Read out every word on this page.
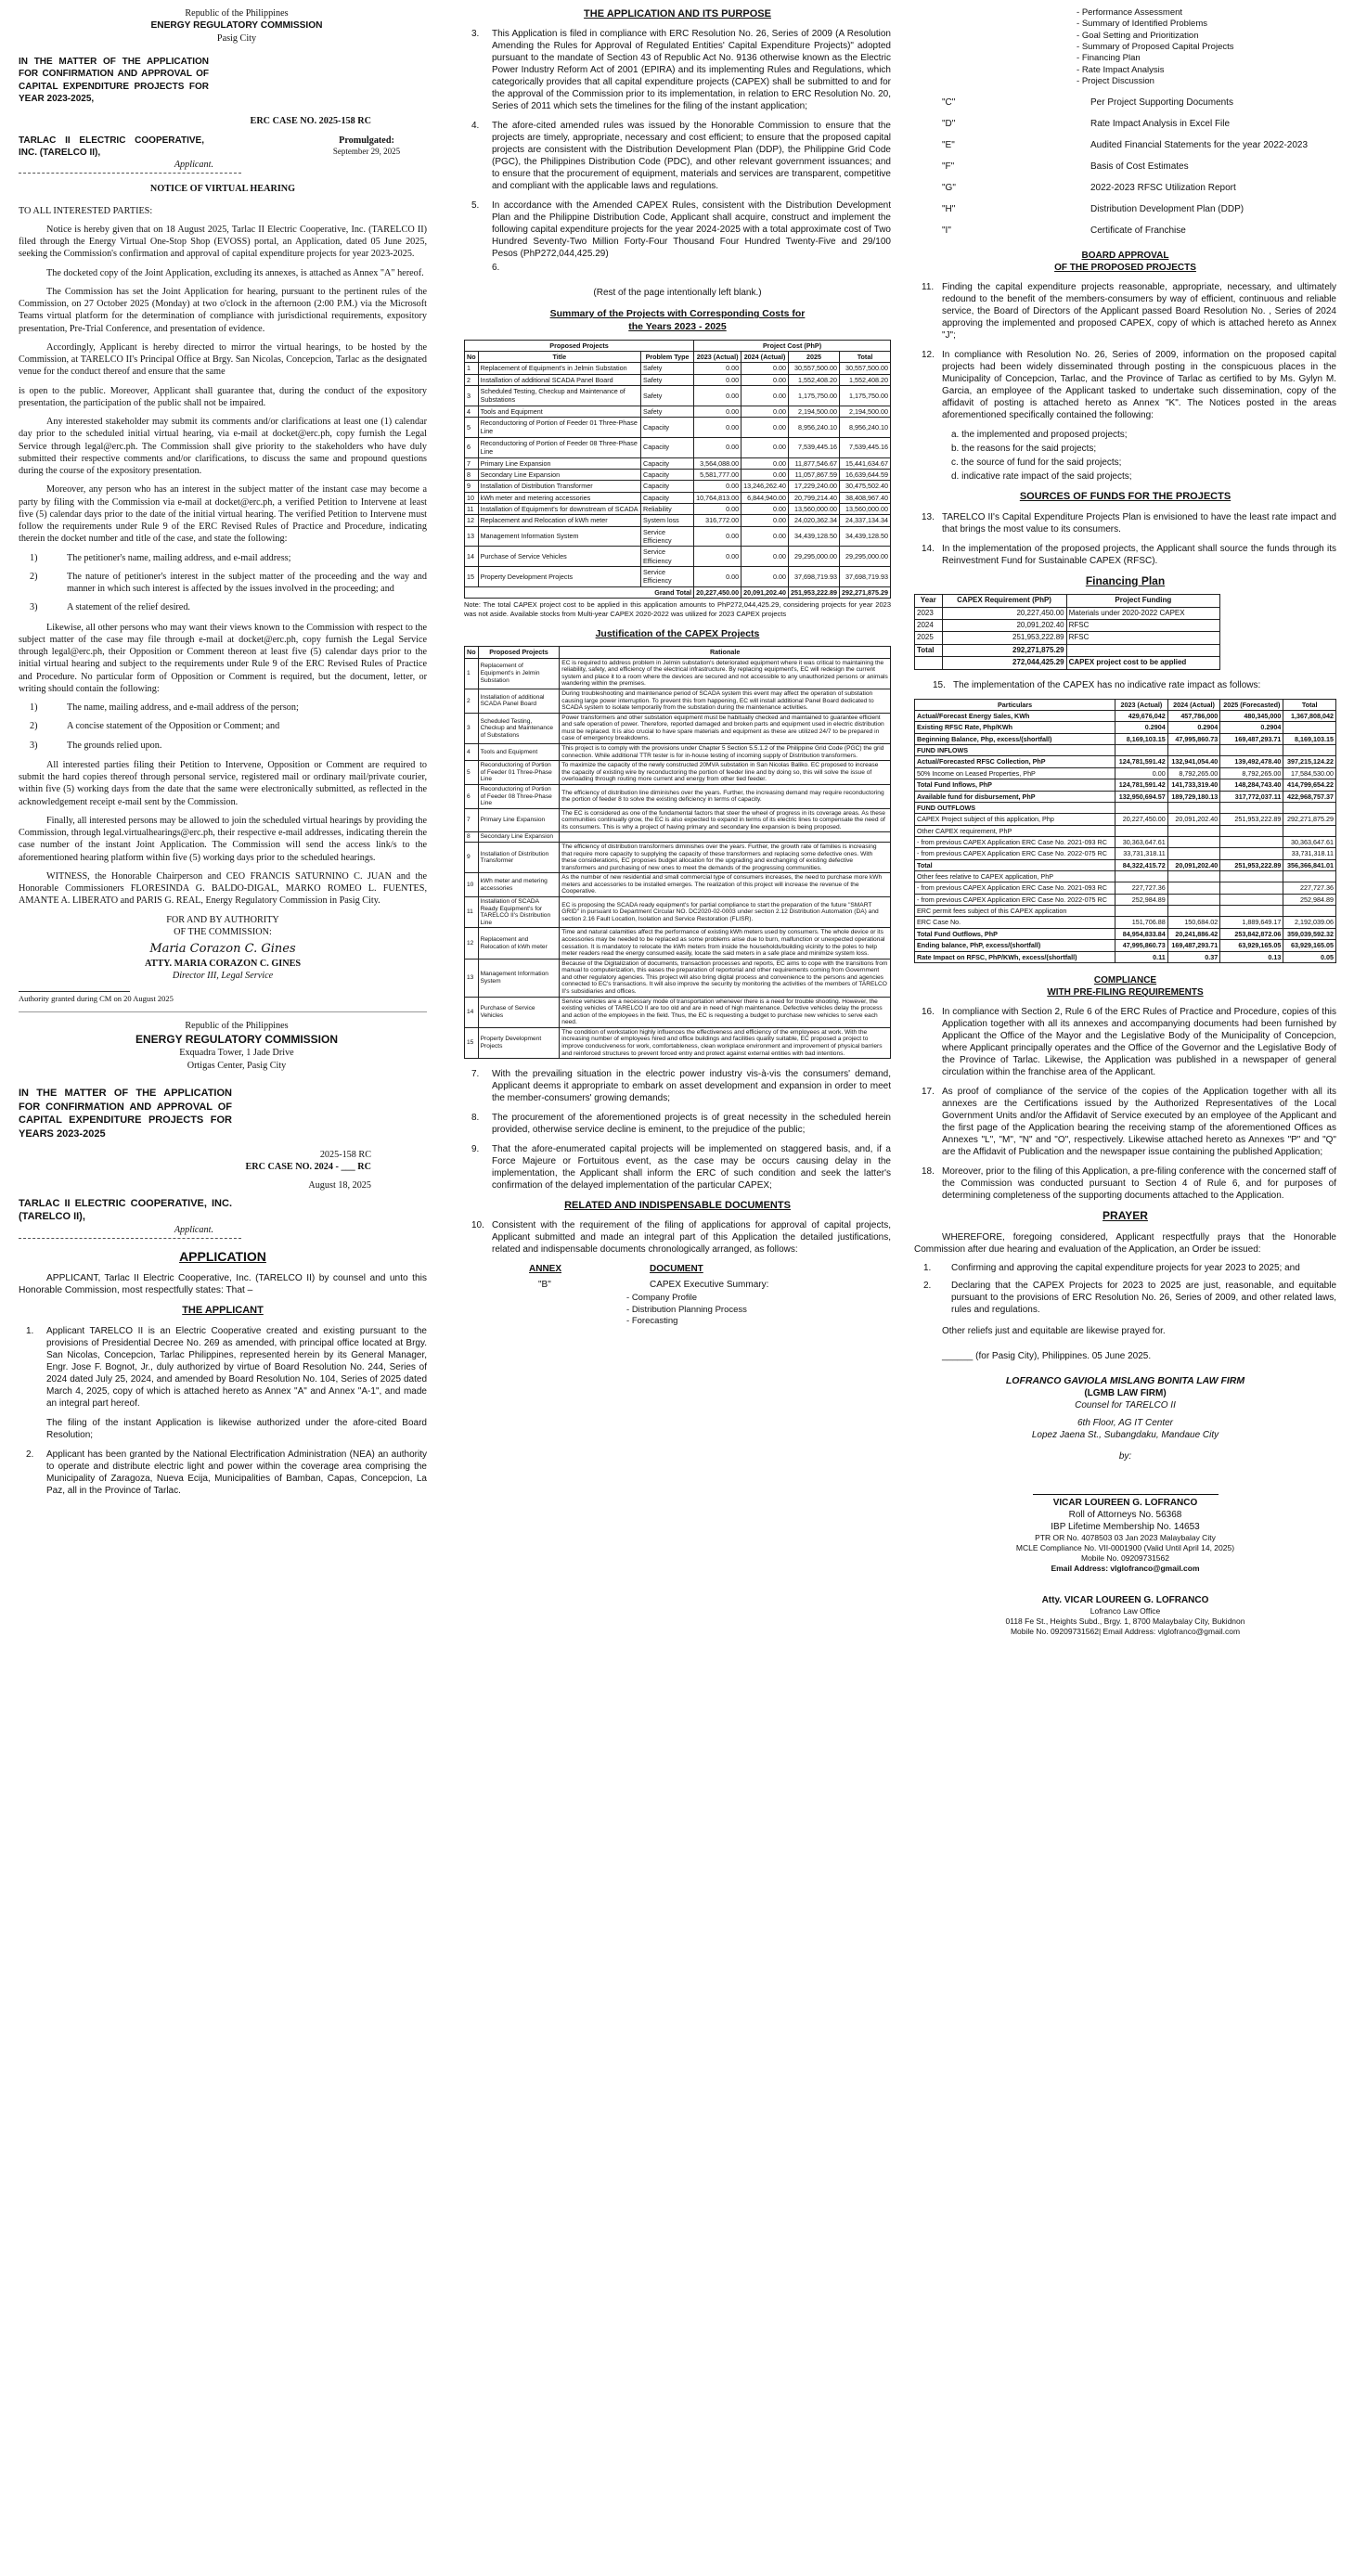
Republic of the Philippines

ENERGY REGULATORY COMMISSION

Pasig City

IN THE MATTER OF THE APPLICATION FOR CONFIRMATION AND APPROVAL OF CAPITAL EXPENDITURE PROJECTS FOR YEAR 2023-2025,
ERC CASE NO. 2025-158 RC
TARLAC II ELECTRIC COOPERATIVE, INC. (TARELCO II),
Promulgated:
September 29, 2025
Applicant.
NOTICE OF VIRTUAL HEARING

TO ALL INTERESTED PARTIES:

Notice is hereby given that on 18 August 2025, Tarlac II Electric Cooperative, Inc. (TARELCO II) filed through the Energy Virtual One-Stop Shop (EVOSS) portal, an Application, dated 05 June 2025, seeking the Commission's confirmation and approval of capital expenditure projects for year 2023-2025.

The docketed copy of the Joint Application, excluding its annexes, is attached as Annex "A" hereof.

The Commission has set the Joint Application for hearing, pursuant to the pertinent rules of the Commission, on 27 October 2025 (Monday) at two o'clock in the afternoon (2:00 P.M.) via the Microsoft Teams virtual platform for the determination of compliance with jurisdictional requirements, expository presentation, Pre-Trial Conference, and presentation of evidence.

Accordingly, Applicant is hereby directed to mirror the virtual hearings, to be hosted by the Commission, at TARELCO II's Principal Office at Brgy. San Nicolas, Concepcion, Tarlac as the designated venue for the conduct thereof and ensure that the same

is open to the public. Moreover, Applicant shall guarantee that, during the conduct of the expository presentation, the participation of the public shall not be impaired.

Any interested stakeholder may submit its comments and/or clarifications at least one (1) calendar day prior to the scheduled initial virtual hearing, via e-mail at docket@erc.ph, copy furnish the Legal Service through legal@erc.ph. The Commission shall give priority to the stakeholders who have duly submitted their respective comments and/or clarifications, to discuss the same and propound questions during the course of the expository presentation.

Moreover, any person who has an interest in the subject matter of the instant case may become a party by filing with the Commission via e-mail at docket@erc.ph, a verified Petition to Intervene at least five (5) calendar days prior to the date of the initial virtual hearing. The verified Petition to Intervene must follow the requirements under Rule 9 of the ERC Revised Rules of Practice and Procedure, indicating therein the docket number and title of the case, and state the following:

1)	The petitioner's name, mailing address, and e-mail address;
2)	The nature of petitioner's interest in the subject matter of the proceeding and the way and manner in which such interest is affected by the issues involved in the proceeding; and
3)	A statement of the relief desired.

Likewise, all other persons who may want their views known to the Commission with respect to the subject matter of the case may file through e-mail at docket@erc.ph, copy furnish the Legal Service through legal@erc.ph, their Opposition or Comment thereon at least five (5) calendar days prior to the initial virtual hearing and subject to the requirements under Rule 9 of the ERC Revised Rules of Practice and Procedure. No particular form of Opposition or Comment is required, but the document, letter, or writing should contain the following:

1)	The name, mailing address, and e-mail address of the person;
2)	A concise statement of the Opposition or Comment; and
3)	The grounds relied upon.

All interested parties filing their Petition to Intervene, Opposition or Comment are required to submit the hard copies thereof through personal service, registered mail or ordinary mail/private courier, within five (5) working days from the date that the same were electronically submitted, as reflected in the acknowledgement receipt e-mail sent by the Commission.

Finally, all interested persons may be allowed to join the scheduled virtual hearings by providing the Commission, through legal.virtualhearings@erc.ph, their respective e-mail addresses, indicating therein the case number of the instant Joint Application. The Commission will send the access link/s to the aforementioned hearing platform within five (5) working days prior to the scheduled hearings.

WITNESS, the Honorable Chairperson and CEO FRANCIS SATURNINO C. JUAN and the Honorable Commissioners FLORESINDA G. BALDO-DIGAL, MARKO ROMEO L. FUENTES, AMANTE A. LIBERATO and PARIS G. REAL, Energy Regulatory Commission in Pasig City.

FOR AND BY AUTHORITY
OF THE COMMISSION:
Maria Corazon C. Gines
ATTY. MARIA CORAZON C. GINES
Director III, Legal Service
Authority granted during CM on 20 August 2025

Republic of the Philippines

ENERGY REGULATORY COMMISSION

Exquadra Tower, 1 Jade Drive

Ortigas Center, Pasig City

IN THE MATTER OF THE APPLICATION FOR CONFIRMATION AND APPROVAL OF CAPITAL EXPENDITURE PROJECTS FOR YEARS 2023-2025
2025-158 RC
ERC CASE NO. 2024 - ___ RC
August 18, 2025
TARLAC II ELECTRIC COOPERATIVE, INC. (TARELCO II),
Applicant.
APPLICATION

APPLICANT, Tarlac II Electric Cooperative, Inc. (TARELCO II) by counsel and unto this Honorable Commission, most respectfully states: That –

THE APPLICANT
1.	Applicant TARELCO II is an Electric Cooperative created and existing pursuant to the provisions of Presidential Decree No. 269 as amended, with principal office located at Brgy. San Nicolas, Concepcion, Tarlac Philippines, represented herein by its General Manager, Engr. Jose F. Bognot, Jr., duly authorized by virtue of Board Resolution No. 244, Series of 2024 dated July 25, 2024, and amended by Board Resolution No. 104, Series of 2025 dated March 4, 2025, copy of which is attached hereto as Annex "A" and Annex "A-1", and made an integral part hereof.
The filing of the instant Application is likewise authorized under the afore-cited Board Resolution;
2.	Applicant has been granted by the National Electrification Administration (NEA) an authority to operate and distribute electric light and power within the coverage area comprising the Municipality of Zaragoza, Nueva Ecija, Municipalities of Bamban, Capas, Concepcion, La Paz, all in the Province of Tarlac.
THE APPLICATION AND ITS PURPOSE
3.	This Application is filed in compliance with ERC Resolution No. 26, Series of 2009 (A Resolution Amending the Rules for Approval of Regulated Entities' Capital Expenditure Projects)" adopted pursuant to the mandate of Section 43 of Republic Act No. 9136 otherwise known as the Electric Power Industry Reform Act of 2001 (EPIRA) and its implementing Rules and Regulations, which categorically provides that all capital expenditure projects (CAPEX) shall be submitted to and for the approval of the Commission prior to its implementation, in relation to ERC Resolution No. 20, Series of 2011 which sets the timelines for the filing of the instant application;
4.	The afore-cited amended rules was issued by the Honorable Commission to ensure that the projects are timely, appropriate, necessary and cost efficient; to ensure that the proposed capital projects are consistent with the Distribution Development Plan (DDP), the Philippine Grid Code (PGC), the Philippines Distribution Code (PDC), and other relevant government issuances; and to ensure that the procurement of equipment, materials and services are transparent, competitive and compliant with the applicable laws and regulations.
5.	In accordance with the Amended CAPEX Rules, consistent with the Distribution Development Plan and the Philippine Distribution Code, Applicant shall acquire, construct and implement the following capital expenditure projects for the year 2024-2025 with a total approximate cost of Two Hundred Seventy-Two Million Forty-Four Thousand Four Hundred Twenty-Five and 29/100 Pesos (PhP272,044,425.29)
6.
(Rest of the page intentionally left blank.)
Summary of the Projects with Corresponding Costs for the Years 2023 - 2025
Proposed Projects			Project Cost (PhP)			
No	Title	Problem Type	2023 (Actual)	2024 (Actual)	2025	Total
1	Replacement of Equipment's in Jelmin Substation	Safety	0.00	0.00	30,557,500.00	30,557,500.00
2	Installation of additional SCADA Panel Board	Safety	0.00	0.00	1,552,408.20	1,552,408.20
3	Scheduled Testing, Checkup and Maintenance of Substations	Safety	0.00	0.00	1,175,750.00	1,175,750.00
4	Tools and Equipment	Safety	0.00	0.00	2,194,500.00	2,194,500.00
5	Reconductoring of Portion of Feeder 01 Three-Phase Line	Capacity	0.00	0.00	8,956,240.10	8,956,240.10
6	Reconductoring of Portion of Feeder 08 Three-Phase Line	Capacity	0.00	0.00	7,539,445.16	7,539,445.16
7	Primary Line Expansion	Capacity	3,564,088.00	0.00	11,877,546.67	15,441,634.67
8	Secondary Line Expansion	Capacity	5,581,777.00	0.00	11,057,867.59	16,639,644.59
9	Installation of Distribution Transformer	Capacity	0.00	13,246,262.40	17,229,240.00	30,475,502.40
10	kWh meter and metering accessories	Capacity	10,764,813.00	6,844,940.00	20,799,214.40	38,408,967.40
11	Installation of Equipment's for downstream of SCADA	Reliability	0.00	0.00	13,560,000.00	13,560,000.00
12	Replacement and Relocation of kWh meter	System loss	316,772.00	0.00	24,020,362.34	24,337,134.34
13	Management Information System	Service Efficiency	0.00	0.00	34,439,128.50	34,439,128.50
14	Purchase of Service Vehicles	Service Efficiency	0.00	0.00	29,295,000.00	29,295,000.00
15	Property Development Projects	Service Efficiency	0.00	0.00	37,698,719.93	37,698,719.93
Grand Total			20,227,450.00	20,091,202.40	251,953,222.89	292,271,875.29
Note: The total CAPEX project cost to be applied in this application amounts to PhP272,044,425.29, considering projects for year 2023 was not aside. Available stocks from Multi-year CAPEX 2020-2022 was utilized for 2023 CAPEX projects
Justification of the CAPEX Projects
No	Proposed Projects	Rationale
1	Replacement of Equipment's in Jelmin Substation	EC is required to address problem in Jelmin substation's deteriorated equipment where it was critical to maintaining the reliability, safety, and efficiency of the electrical infrastructure. By replacing equipment's, EC will redesign the current system and place it to a room where the devices are secured and not accessible to any unauthorized persons or animals wandering within the premises.
2	Installation of additional SCADA Panel Board	During troubleshooting and maintenance period of SCADA system this event may affect the operation of substation causing large power interruption. To prevent this from happening, EC will install additional Panel Board dedicated to SCADA system to isolate temporarily from the substation during the maintenance activities.
3	Scheduled Testing, Checkup and Maintenance of Substations	Power transformers and other substation equipment must be habitually checked and maintained to guarantee efficient and safe operation of power. Therefore, reported damaged and broken parts and equipment used in electric distribution must be replaced. It is also crucial to have spare materials and equipment as these are utilized 24/7 to be prepared in case of emergency breakdowns.
4	Tools and Equipment	This project is to comply with the provisions under Chapter 5 Section 5.5.1.2 of the Philippine Grid Code (PGC) the grid connection. While additional TTR tester is for in-house testing of incoming supply of Distribution transformers.
5	Reconductoring of Portion of Feeder 01 Three-Phase Line	To maximize the capacity of the newly constructed 20MVA substation in San Nicolas Baliko. EC proposed to increase the capacity of existing wire by reconductoring the portion of feeder line and by doing so, this will solve the issue of overloading through routing more current and energy from other tied feeder.
6	Reconductoring of Portion of Feeder 08 Three-Phase Line	The efficiency of distribution line diminishes over the years. Further, the increasing demand may require reconductoring the portion of feeder 8 to solve the existing deficiency in terms of capacity.
7	Primary Line Expansion	The EC is considered as one of the fundamental factors that steer the wheel of progress in its coverage areas. As these communities continually grow, the EC is also expected to expand in terms of its electric lines to compensate the need of its consumers. This is why a project of having primary and secondary line expansion is being proposed.
8	Secondary Line Expansion	
9	Installation of Distribution Transformer	The efficiency of distribution transformers diminishes over the years. Further, the growth rate of families is increasing that require more capacity to supplying the capacity of these transformers and replacing some defective ones. With these considerations, EC proposes budget allocation for the upgrading and exchanging of existing defective transformers and purchasing of new ones to meet the demands of the progressing communities.
10	kWh meter and metering accessories	As the number of new residential and small commercial type of consumers increases, the need to purchase more kWh meters and accessories to be installed emerges. The realization of this project will increase the revenue of the Cooperative.
11	Installation of SCADA Ready Equipment's for TARELCO II's Distribution Line	EC is proposing the SCADA ready equipment's for partial compliance to start the preparation of the future "SMART GRID" in pursuant to Department Circular NO. DC2020-02-0003 under section 2.12 Distribution Automation (DA) and section 2.16 Fault Location, Isolation and Service Restoration (FLISR).
12	Replacement and Relocation of kWh meter	Time and natural calamities affect the performance of existing kWh meters used by consumers. The whole device or its accessories may be needed to be replaced as some problems arise due to burn, malfunction or unexpected operational cessation. It is mandatory to relocate the kWh meters from inside the households/building vicinity to the poles to help meter readers read the energy consumed easily, locate the said meters in a safe place and minimize system loss.
13	Management Information System	Because of the Digitalization of documents, transaction processes and reports, EC aims to cope with the transitions from manual to computerization, this eases the preparation of reportorial and other requirements coming from Government and other regulatory agencies. This project will also bring digital process and convenience to the persons and agencies connected to EC's transactions. It will also improve the security by monitoring the activities of the members of TARELCO II's subsidiaries and offices.
14	Purchase of Service Vehicles	Service vehicles are a necessary mode of transportation whenever there is a need for trouble shooting. However, the existing vehicles of TARELCO II are too old and are in need of high maintenance. Defective vehicles delay the process and action of the employees in the field. Thus, the EC is requesting a budget to purchase new vehicles to serve each need.
15	Property Development Projects	The condition of workstation highly influences the effectiveness and efficiency of the employees at work. With the increasing number of employees hired and office buildings and facilities quality suitable, EC proposed a project to improve conduciveness for work, comfortableness, clean workplace environment and improvement of physical barriers and reinforced structures to prevent forced entry and protect against external entities with bad intentions.
7.	With the prevailing situation in the electric power industry vis-à-vis the consumers' demand, Applicant deems it appropriate to embark on asset development and expansion in order to meet the member-consumers' growing demands;
8.	The procurement of the aforementioned projects is of great necessity in the scheduled herein provided, otherwise service decline is eminent, to the prejudice of the public;
9.	That the afore-enumerated capital projects will be implemented on staggered basis, and, if a Force Majeure or Fortuitous event, as the case may be occurs causing delay in the implementation, the Applicant shall inform the ERC of such condition and seek the latter's confirmation of the delayed implementation of the particular CAPEX;
RELATED AND INDISPENSABLE DOCUMENTS
10. Consistent with the requirement of the filing of applications for approval of capital projects, Applicant submitted and made an integral part of this Application the detailed justifications, related and indispensable documents chronologically arranged, as follows:
ANNEX	DOCUMENT
"B"	CAPEX Executive Summary:
- Company Profile
- Distribution Planning Process
- Forecasting
- Performance Assessment
- Summary of Identified Problems
- Goal Setting and Prioritization
- Summary of Proposed Capital Projects
- Financing Plan
- Rate Impact Analysis
- Project Discussion
"C"	Per Project Supporting Documents
"D"	Rate Impact Analysis in Excel File
"E"	Audited Financial Statements for the year 2022-2023
"F"	Basis of Cost Estimates
"G"	2022-2023 RFSC Utilization Report
"H"	Distribution Development Plan (DDP)
"I"	Certificate of Franchise
BOARD APPROVAL
OF THE PROPOSED PROJECTS
11. Finding the capital expenditure projects reasonable, appropriate, necessary, and ultimately redound to the benefit of the members-consumers by way of efficient, continuous and reliable service, the Board of Directors of the Applicant passed Board Resolution No. , Series of 2024 approving the implemented and proposed CAPEX, copy of which is attached hereto as Annex "J";
12. In compliance with Resolution No. 26, Series of 2009, information on the proposed capital projects had been widely disseminated through posting in the conspicuous places in the Municipality of Concepcion, Tarlac, and the Province of Tarlac as certified to by Ms. Gylyn M. Garcia, an employee of the Applicant tasked to undertake such dissemination, copy of the affidavit of posting is attached hereto as Annex "K". The Notices posted in the areas aforementioned specifically contained the following:
a. the implemented and proposed projects;
b. the reasons for the said projects;
c. the source of fund for the said projects;
d. indicative rate impact of the said projects;
SOURCES OF FUNDS FOR THE PROJECTS
13. TARELCO II's Capital Expenditure Projects Plan is envisioned to have the least rate impact and that brings the most value to its consumers.
14. In the implementation of the proposed projects, the Applicant shall source the funds through its Reinvestment Fund for Sustainable CAPEX (RFSC).
Financing Plan
Year	CAPEX Requirement (PhP)	Project Funding
2023	20,227,450.00	Materials under 2020-2022 CAPEX
2024	20,091,202.40	RFSC
2025	251,953,222.89	RFSC
Total	292,271,875.29	
	272,044,425.29	CAPEX project cost to be applied
15. The implementation of the CAPEX has no indicative rate impact as follows:
Particulars	2023 (Actual)	2024 (Actual)	2025 (Forecasted)	Total
Actual/Forecast Energy Sales, KWh	429,676,042	457,786,000	480,345,000	1,367,808,042
Existing RFSC Rate, Php/KWh	0.2904	0.2904	0.2904	
Beginning Balance, Php, excess/(shortfall)	8,169,103.15	47,995,860.73	169,487,293.71	8,169,103.15
FUND INFLOWS				
Actual/Forecasted RFSC Collection, PhP	124,781,591.42	132,941,054.40	139,492,478.40	397,215,124.22
50% Income on Leased Properties, PhP	0.00	8,792,265.00	8,792,265.00	17,584,530.00
Total Fund Inflows, PhP	124,781,591.42	141,733,319.40	148,284,743.40	414,799,654.22
Available fund for disbursement, PhP	132,950,694.57	189,729,180.13	317,772,037.11	422,968,757.37
FUND OUTFLOWS				
CAPEX Project subject of this application, Php	20,227,450.00	20,091,202.40	251,953,222.89	292,271,875.29
Other CAPEX requirement, PhP				
- from previous CAPEX Application ERC Case No. 2021-093 RC	30,363,647.61			30,363,647.61
- from previous CAPEX Application ERC Case No. 2022-075 RC	33,731,318.11			33,731,318.11
Total	84,322,415.72	20,091,202.40	251,953,222.89	356,366,841.01
Other fees relative to CAPEX application, PhP				
- from previous CAPEX Application ERC Case No. 2021-093 RC	227,727.36			227,727.36
- from previous CAPEX Application ERC Case No. 2022-075 RC	252,984.89			252,984.89
ERC permit fees subject of this CAPEX application				
ERC Case No.	151,706.88	150,684.02	1,889,649.17	2,192,039.06
Total Fund Outflows, PhP	84,954,833.84	20,241,886.42	253,842,872.06	359,039,592.32
Ending balance, PhP, excess/(shortfall)	47,995,860.73	169,487,293.71	63,929,165.05	63,929,165.05
Rate Impact on RFSC, PhP/KWh, excess/(shortfall)	0.11	0.37	0.13	0.05
COMPLIANCE
WITH PRE-FILING REQUIREMENTS
16. In compliance with Section 2, Rule 6 of the ERC Rules of Practice and Procedure, copies of this Application together with all its annexes and accompanying documents had been furnished by Applicant the Office of the Mayor and the Legislative Body of the Municipality of Concepcion, where Applicant principally operates and the Office of the Governor and the Legislative Body of the Province of Tarlac. Likewise, the Application was published in a newspaper of general circulation within the franchise area of the Applicant.
17. As proof of compliance of the service of the copies of the Application together with all its annexes are the Certifications issued by the Authorized Representatives of the Local Government Units and/or the Affidavit of Service executed by an employee of the Applicant and the first page of the Application bearing the receiving stamp of the aforementioned Offices as Annexes "L", "M", "N" and "O", respectively. Likewise attached hereto as Annexes "P" and "Q" are the Affidavit of Publication and the newspaper issue containing the published Application;
18. Moreover, prior to the filing of this Application, a pre-filing conference with the concerned staff of the Commission was conducted pursuant to Section 4 of Rule 6, and for purposes of determining completeness of the supporting documents attached to the Application.
PRAYER

WHEREFORE, foregoing considered, Applicant respectfully prays that the Honorable Commission after due hearing and evaluation of the Application, an Order be issued:

1.	Confirming and approving the capital expenditure projects for year 2023 to 2025; and
2.	Declaring that the CAPEX Projects for 2023 to 2025 are just, reasonable, and equitable pursuant to the provisions of ERC Resolution No. 26, Series of 2009, and other related laws, rules and regulations.

Other reliefs just and equitable are likewise prayed for.

______ (for Pasig City), Philippines. 05 June 2025.

LOFRANCO GAVIOLA MISLANG BONITA LAW FIRM
(LGMB LAW FIRM)
Counsel for TARELCO II
6th Floor, AG IT Center
Lopez Jaena St., Subangdaku, Mandaue City
by:
VICAR LOUREEN G. LOFRANCO
Roll of Attorneys No. 56368
IBP Lifetime Membership No. 14653
PTR OR No. 4078503 03 Jan 2023 Malaybalay City
MCLE Compliance No. VII-0001900 (Valid Until April 14, 2025)
Mobile No. 09209731562
Email Address: vlglofranco@gmail.com
Atty. VICAR LOUREEN G. LOFRANCO
Lofranco Law Office
0118 Fe St., Heights Subd., Brgy. 1, 8700 Malaybalay City, Bukidnon
Mobile No. 09209731562| Email Address: vlglofranco@gmail.com
